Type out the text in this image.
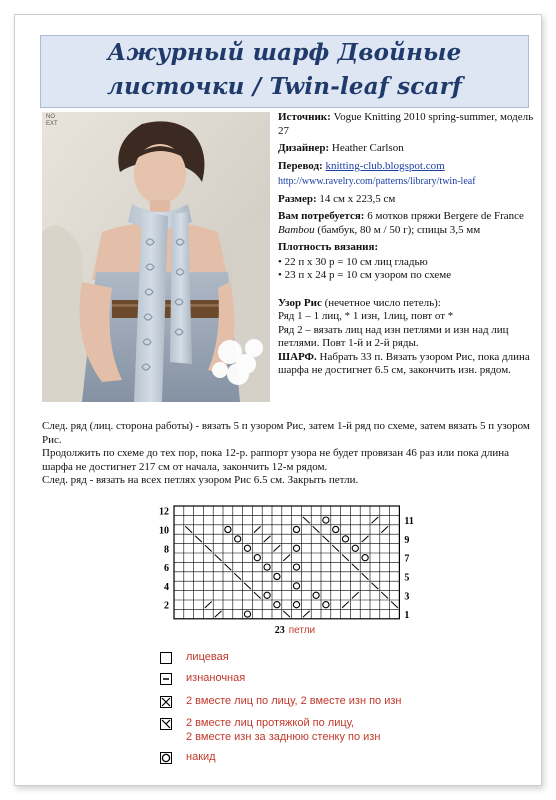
Ажурный шарф Двойные
листочки / Twin-leaf scarf
NO EXT

Источник: Vogue Knitting 2010 spring-summer, модель 27

Дизайнер: Heather Carlson

Перевод: knitting-club.blogspot.com

http://www.ravelry.com/patterns/library/twin-leaf

Размер: 14 см х 223,5 см

Вам потребуется: 6 мотков пряжи Bergere de France Bambou (бамбук, 80 м / 50 г); спицы 3,5 мм

Плотность вязания:

• 22 п х 30 р = 10 см лиц гладью
• 23 п х 24 р = 10 см узором по схеме

Узор Рис (нечетное число петель):

Ряд 1 – 1 лиц, * 1 изн, 1лиц, повт от *

Ряд 2 – вязать лиц над изн петлями и изн над лиц петлями. Повт 1-й и 2-й ряды.

ШАРФ. Набрать 33 п. Вязать узором Рис, пока длина шарфа не достигнет 6.5 см, закончить изн. рядом.

След. ряд (лиц. сторона работы) - вязать 5 п узором Рис, затем 1-й ряд по схеме, затем вязать 5 п узором Рис.

Продолжить по схеме до тех пор, пока 12-р. раппорт узора не будет провязан 46 раз или пока длина шарфа не достигнет 217 см от начала, закончить 12-м рядом.

След. ряд - вязать на всех петлях узором Рис 6.5 см. Закрыть петли.

12
10
8
6
4
2
11
9
7
5
3
1
23 петли
лицевая
изнаночная
2 вместе лиц по лицу, 2 вместе изн по изн
2 вместе лиц протяжкой по лицу,
2 вместе изн за заднюю стенку по изн
накид
